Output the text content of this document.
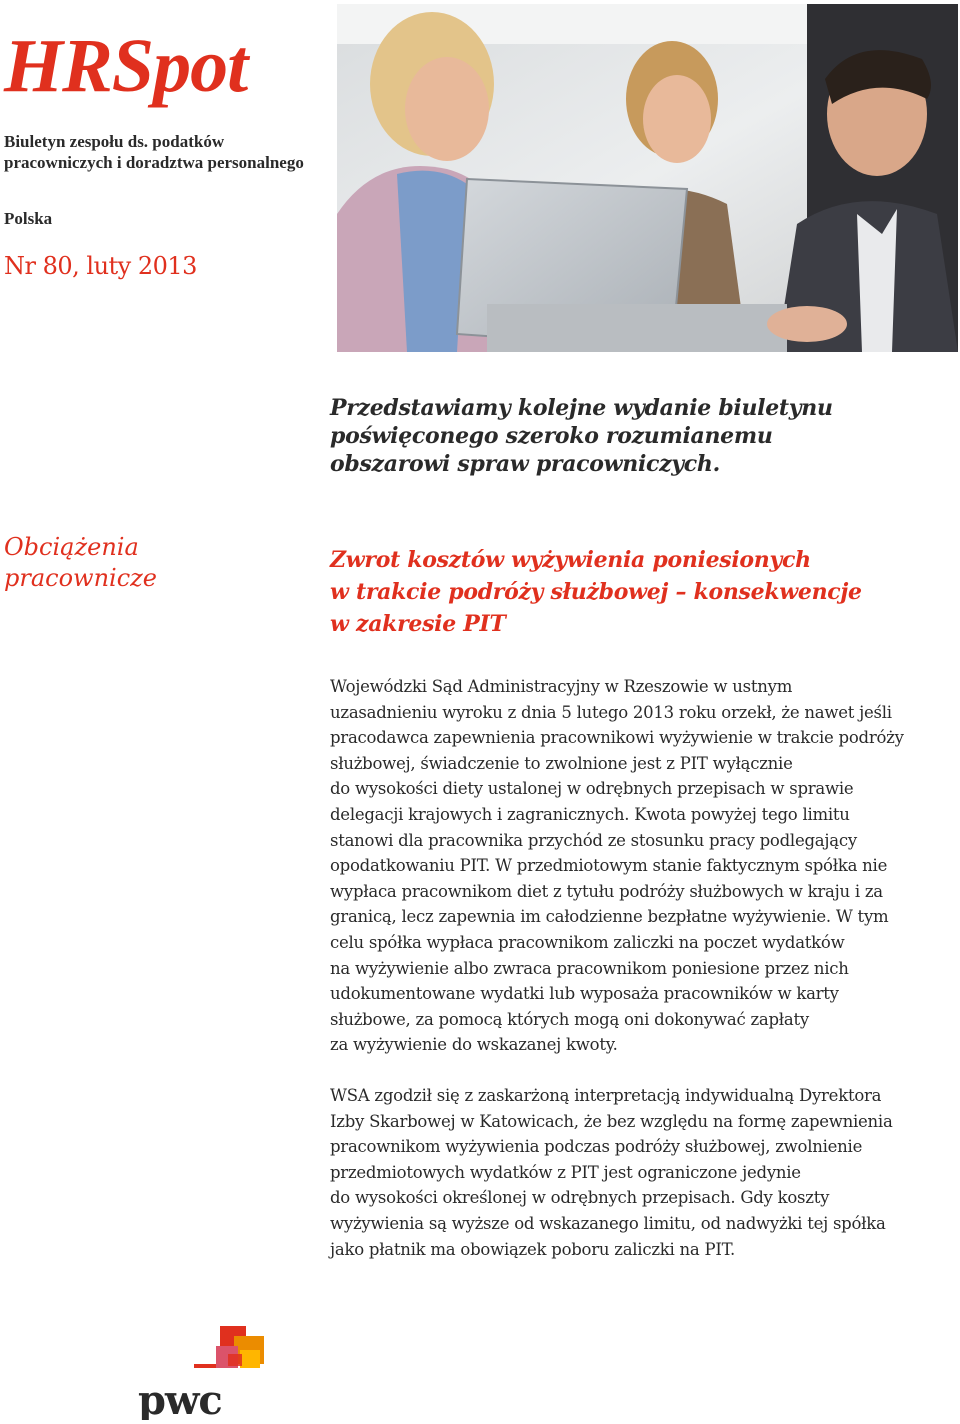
HRSpot
Biuletyn zespołu ds. podatków pracowniczych i doradztwa personalnego
Polska
Nr 80, luty 2013
Przedstawiamy kolejne wydanie biuletynu
poświęconego szeroko rozumianemu
obszarowi spraw pracowniczych.
Obciążenia
pracownicze
Zwrot kosztów wyżywienia poniesionych
w trakcie podróży służbowej – konsekwencje
w zakresie PIT
Wojewódzki Sąd Administracyjny w Rzeszowie w ustnym
uzasadnieniu wyroku z dnia 5 lutego 2013 roku orzekł, że nawet jeśli
pracodawca zapewnienia pracownikowi wyżywienie w trakcie podróży
służbowej, świadczenie to zwolnione jest z PIT wyłącznie
do wysokości diety ustalonej w odrębnych przepisach w sprawie
delegacji krajowych i zagranicznych. Kwota powyżej tego limitu
stanowi dla pracownika przychód ze stosunku pracy podlegający
opodatkowaniu PIT. W przedmiotowym stanie faktycznym spółka nie
wypłaca pracownikom diet z tytułu podróży służbowych w kraju i za
granicą, lecz zapewnia im całodzienne bezpłatne wyżywienie. W tym
celu spółka wypłaca pracownikom zaliczki na poczet wydatków
na wyżywienie albo zwraca pracownikom poniesione przez nich
udokumentowane wydatki lub wyposaża pracowników w karty
służbowe, za pomocą których mogą oni dokonywać zapłaty
za wyżywienie do wskazanej kwoty.
WSA zgodził się z zaskarżoną interpretacją indywidualną Dyrektora
Izby Skarbowej w Katowicach, że bez względu na formę zapewnienia
pracownikom wyżywienia podczas podróży służbowej, zwolnienie
przedmiotowych wydatków z PIT jest ograniczone jedynie
do wysokości określonej w odrębnych przepisach. Gdy koszty
wyżywienia są wyższe od wskazanego limitu, od nadwyżki tej spółka
jako płatnik ma obowiązek poboru zaliczki na PIT.
pwc
